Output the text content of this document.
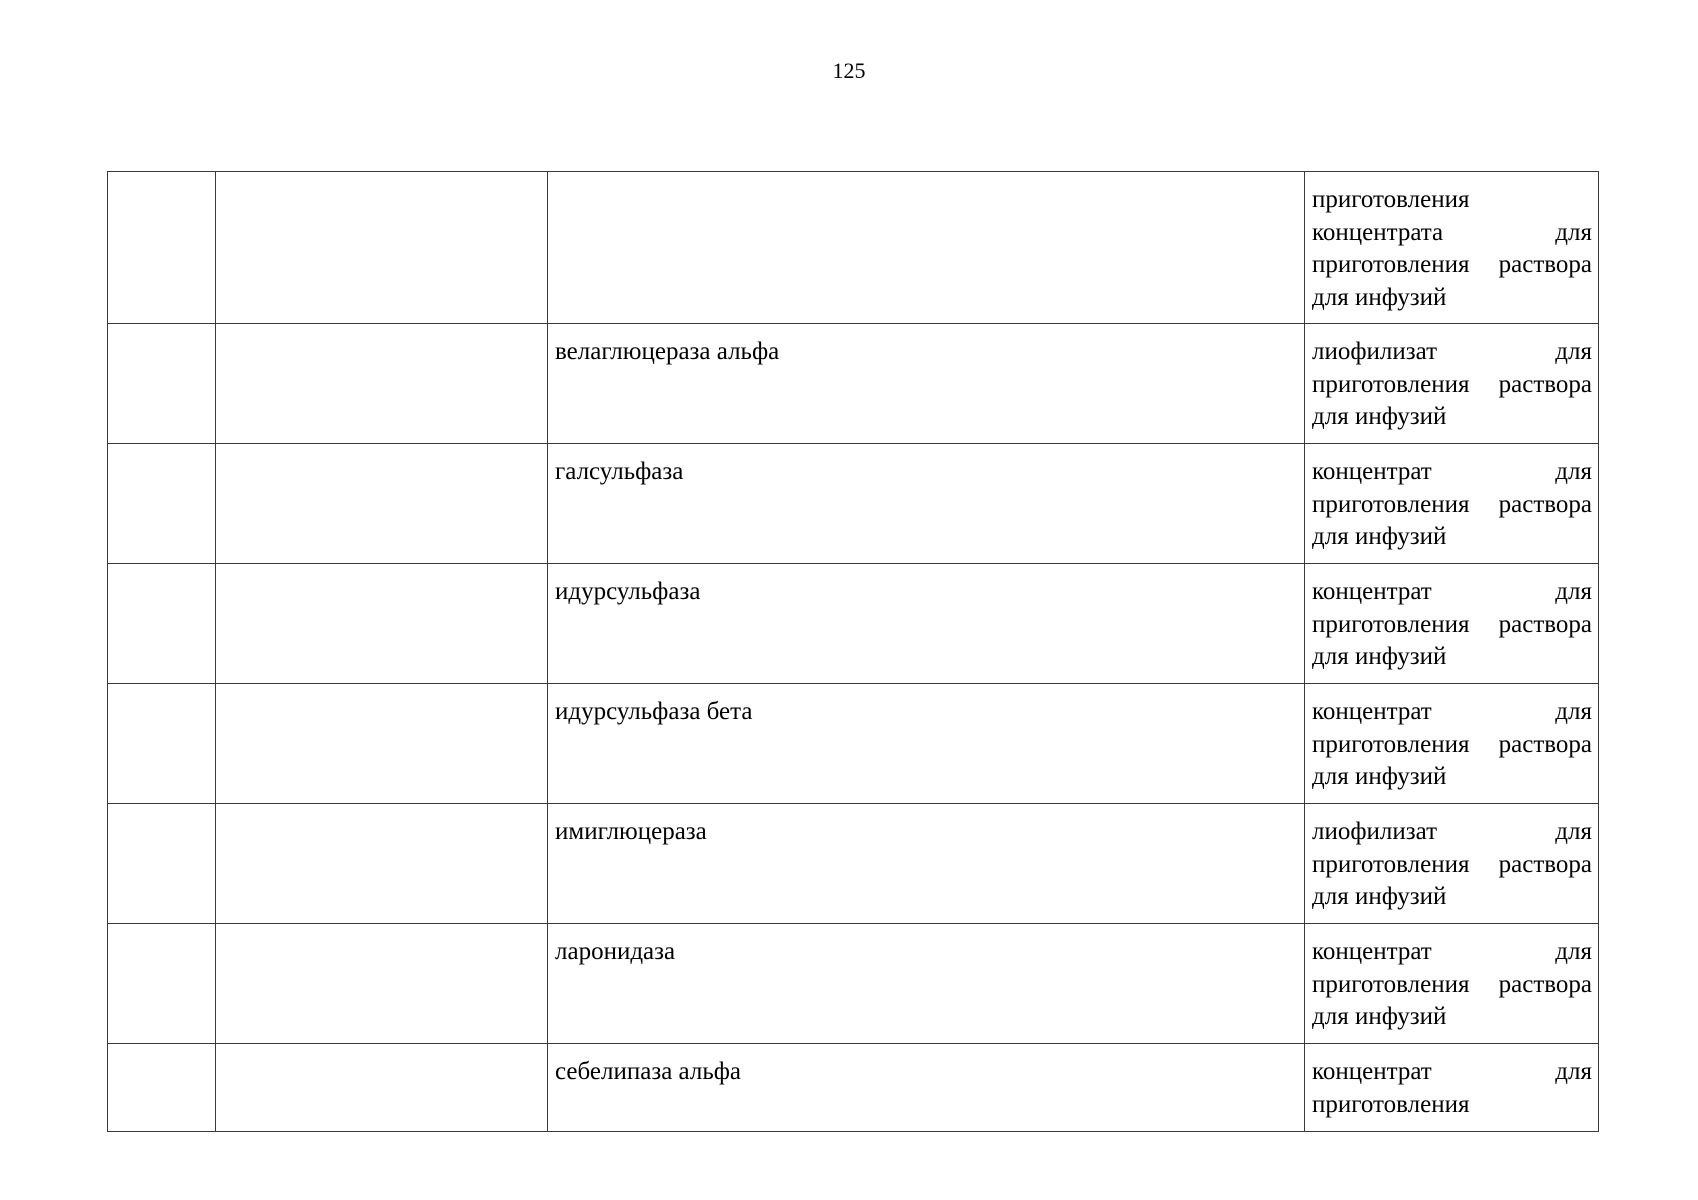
125
			приготовления концентрата для приготовления раствора для инфузий
		велаглюцераза альфа	лиофилизат для приготовления раствора для инфузий
		галсульфаза	концентрат для приготовления раствора для инфузий
		идурсульфаза	концентрат для приготовления раствора для инфузий
		идурсульфаза бета	концентрат для приготовления раствора для инфузий
		имиглюцераза	лиофилизат для приготовления раствора для инфузий
		ларонидаза	концентрат для приготовления раствора для инфузий
		себелипаза альфа	концентрат для приготовления
